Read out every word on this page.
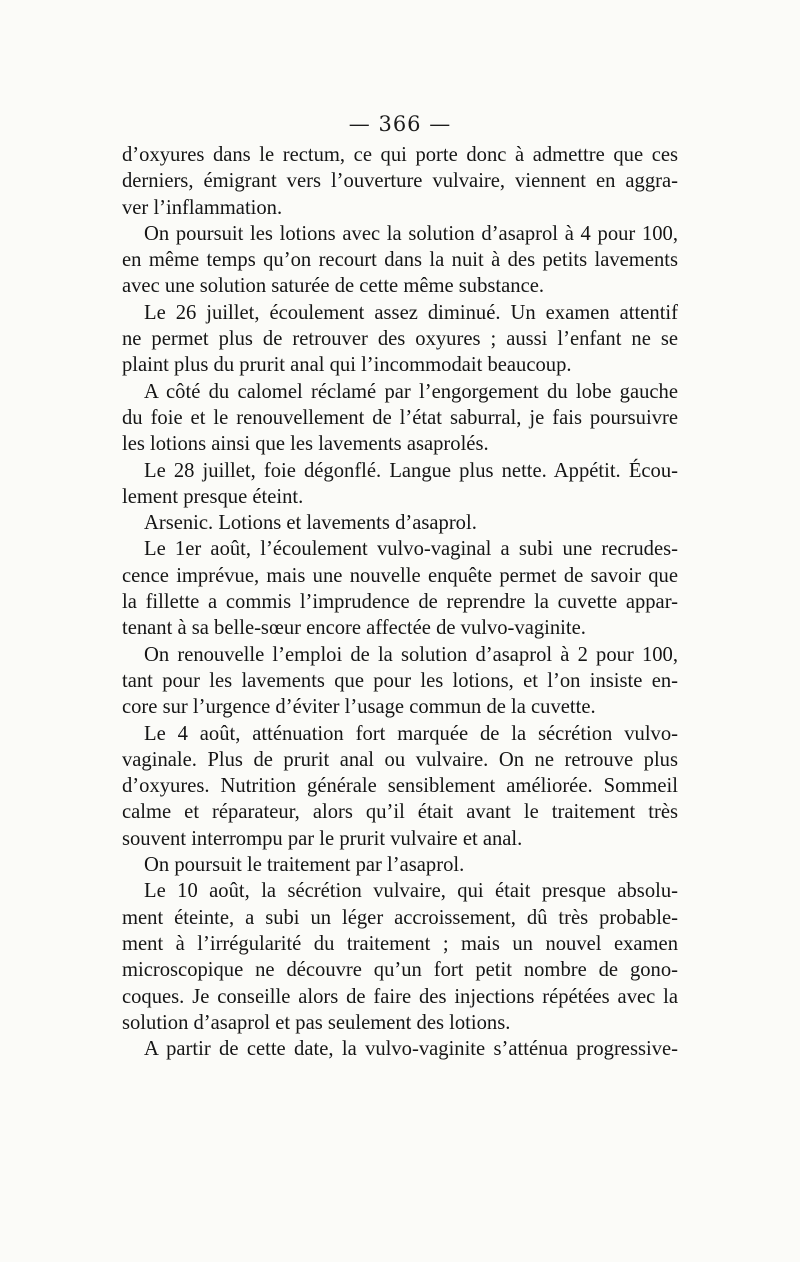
— 366 —
d’oxyures dans le rectum, ce qui porte donc à admettre que ces
derniers, émigrant vers l’ouverture vulvaire, viennent en aggra-
ver l’inflammation.
On poursuit les lotions avec la solution d’asaprol à 4 pour 100,
en même temps qu’on recourt dans la nuit à des petits lavements
avec une solution saturée de cette même substance.
Le 26 juillet, écoulement assez diminué. Un examen attentif
ne permet plus de retrouver des oxyures ; aussi l’enfant ne se
plaint plus du prurit anal qui l’incommodait beaucoup.
A côté du calomel réclamé par l’engorgement du lobe gauche
du foie et le renouvellement de l’état saburral, je fais poursuivre
les lotions ainsi que les lavements asaprolés.
Le 28 juillet, foie dégonflé. Langue plus nette. Appétit. Écou-
lement presque éteint.
Arsenic. Lotions et lavements d’asaprol.
Le 1er août, l’écoulement vulvo-vaginal a subi une recrudes-
cence imprévue, mais une nouvelle enquête permet de savoir que
la fillette a commis l’imprudence de reprendre la cuvette appar-
tenant à sa belle-sœur encore affectée de vulvo-vaginite.
On renouvelle l’emploi de la solution d’asaprol à 2 pour 100,
tant pour les lavements que pour les lotions, et l’on insiste en-
core sur l’urgence d’éviter l’usage commun de la cuvette.
Le 4 août, atténuation fort marquée de la sécrétion vulvo-
vaginale. Plus de prurit anal ou vulvaire. On ne retrouve plus
d’oxyures. Nutrition générale sensiblement améliorée. Sommeil
calme et réparateur, alors qu’il était avant le traitement très
souvent interrompu par le prurit vulvaire et anal.
On poursuit le traitement par l’asaprol.
Le 10 août, la sécrétion vulvaire, qui était presque absolu-
ment éteinte, a subi un léger accroissement, dû très probable-
ment à l’irrégularité du traitement ; mais un nouvel examen
microscopique ne découvre qu’un fort petit nombre de gono-
coques. Je conseille alors de faire des injections répétées avec la
solution d’asaprol et pas seulement des lotions.
A partir de cette date, la vulvo-vaginite s’atténua progressive-
